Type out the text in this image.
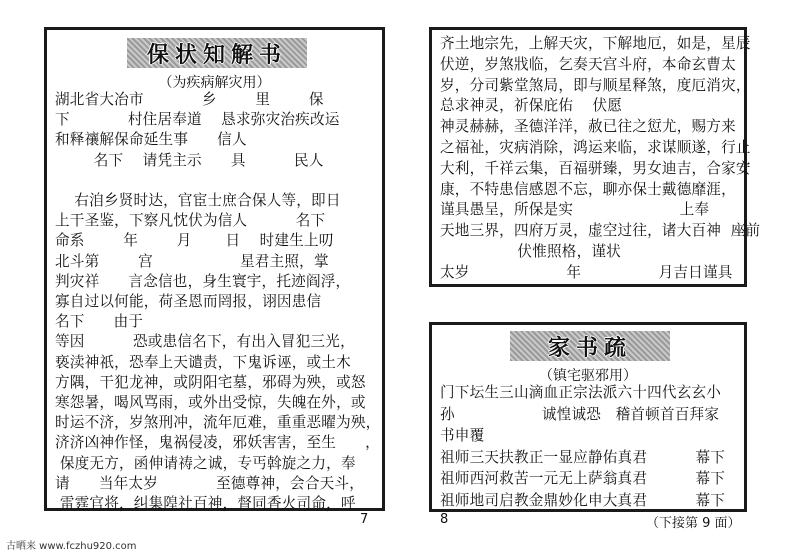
保状知解书
（为疾病解灾用）
湖北省大冶市            乡        里        保
下            村住居奉道    恳求弥灾治疾改运
和释禳解保命延生事      信人
名下    请凭主示      具          民人
右洎乡贤时达，官宦士庶合保人等，即日
上干圣鉴，下察凡忱伏为信人          名下
命系        年        月       日    时建生上叨
北斗第        宫                  星君主照，掌
判灾祥      言念信也，身生寰宇，托迹阎浮，
寡自过以何能，荷圣恩而罔报，诩因患信
名下      由于
等因          恐或患信名下，有出入冒犯三光，
亵渎神祇，恐奉上天谴责，下鬼诉诬，或土木
方隅，干犯龙神，或阴阳宅墓，邪碍为殃，或怒
寒怨暑，喝风骂雨，或外出受惊，失魄在外，或
时运不济，岁煞刑冲，流年厄难，重重恶曜为殃，
济济凶神作怪，鬼祸侵凌，邪妖害害，至生      ，
保度无方，函伸请祷之诚，专丐斡旋之力，奉
请      当年太岁            至德尊神，会合天斗，
雷霆官将，纠集隍社百神，督同香火司命，呼
7
齐土地宗先，上解天灾，下解地厄，如是，星辰
伏逆，岁煞戕临，乞奏天宫斗府，本命玄曹太
岁，分司紫堂煞局，即与顺星释煞，度厄消灾，
总求神灵，祈保庇佑    伏愿
神灵赫赫，圣德洋洋，赦已往之愆尤，赐方来
之福祉，灾病消除，鸿运来临，求谋顺遂，行止
大利，千祥云集，百福骈臻，男女迪吉，合家安
康，不特患信感恩不忘，聊亦保士戴德靡涯，
谨具愚呈，所保是实                      上奉
天地三界，四府万灵，虚空过往，诸大百神  座前
伏惟照格，谨状
太岁                    年                月吉日谨具
家书疏
（镇宅驱邪用）
门下坛生三山滴血正宗法派六十四代玄玄小
孙                  诚惶诚恐   稽首顿首百拜家
书申覆
祖师三天扶教正一显应静佑真君          幕下
祖师西河救苦一元无上萨翁真君          幕下
祖师地司启教金鼎妙化申大真君          幕下
8	（下接第 9 面）
古晒来 www.fczhu920.com
